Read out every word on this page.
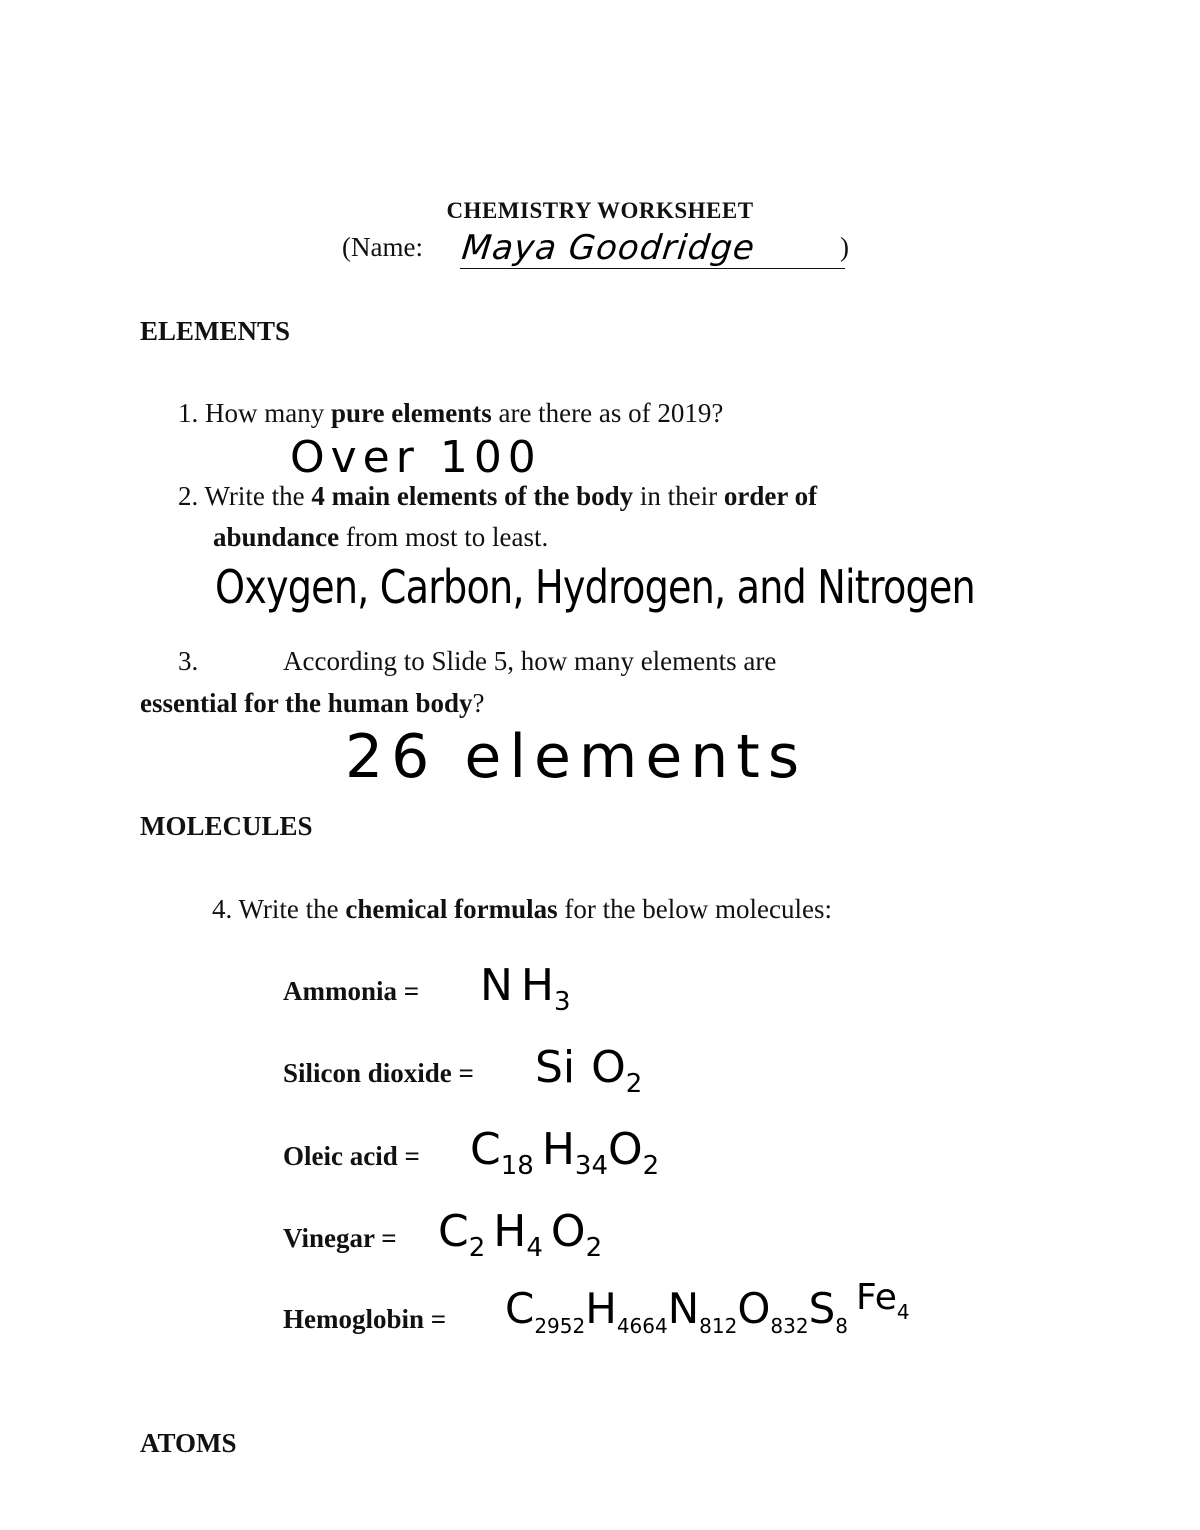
CHEMISTRY WORKSHEET
(Name: Maya Goodridge	)
ELEMENTS
1. How many pure elements are there as of 2019?
Over 100
2. Write the 4 main elements of the body in their order of
abundance from most to least.
Oxygen, Carbon, Hydrogen, and Nitrogen
3.	According to Slide 5, how many elements are
essential for the human body?
26 elements
MOLECULES
4. Write the chemical formulas for the below molecules:
Ammonia = N $H_3$
Silicon dioxide = Si $O_2$
Oleic acid = $C_{18}$ $H_{34}O_2$
Vinegar = $C_2$ $H_4$ $O_2$
Hemoglobin = $C_{2952}H_{4664}N_{812}O_{832}S_8Fe_4$
ATOMS
